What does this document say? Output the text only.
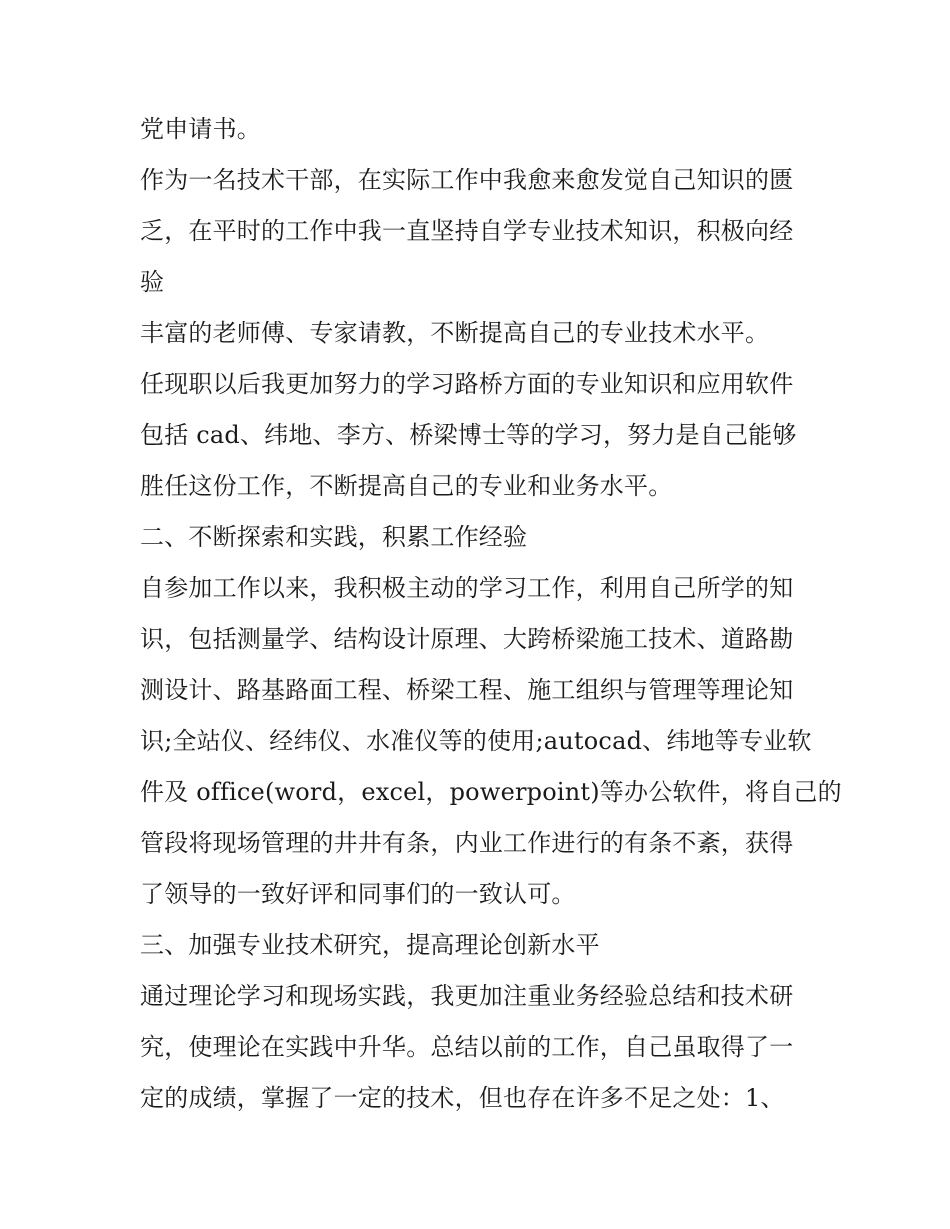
党申请书。
作为一名技术干部，在实际工作中我愈来愈发觉自己知识的匮
乏，在平时的工作中我一直坚持自学专业技术知识，积极向经
验
丰富的老师傅、专家请教，不断提高自己的专业技术水平。
任现职以后我更加努力的学习路桥方面的专业知识和应用软件
包括 cad、纬地、李方、桥梁博士等的学习，努力是自己能够
胜任这份工作，不断提高自己的专业和业务水平。
二、不断探索和实践，积累工作经验
自参加工作以来，我积极主动的学习工作，利用自己所学的知
识，包括测量学、结构设计原理、大跨桥梁施工技术、道路勘
测设计、路基路面工程、桥梁工程、施工组织与管理等理论知
识;全站仪、经纬仪、水准仪等的使用;autocad、纬地等专业软
件及 office(word，excel，powerpoint)等办公软件，将自己的
管段将现场管理的井井有条，内业工作进行的有条不紊，获得
了领导的一致好评和同事们的一致认可。
三、加强专业技术研究，提高理论创新水平
通过理论学习和现场实践，我更加注重业务经验总结和技术研
究，使理论在实践中升华。总结以前的工作，自己虽取得了一
定的成绩，掌握了一定的技术，但也存在许多不足之处：1、
